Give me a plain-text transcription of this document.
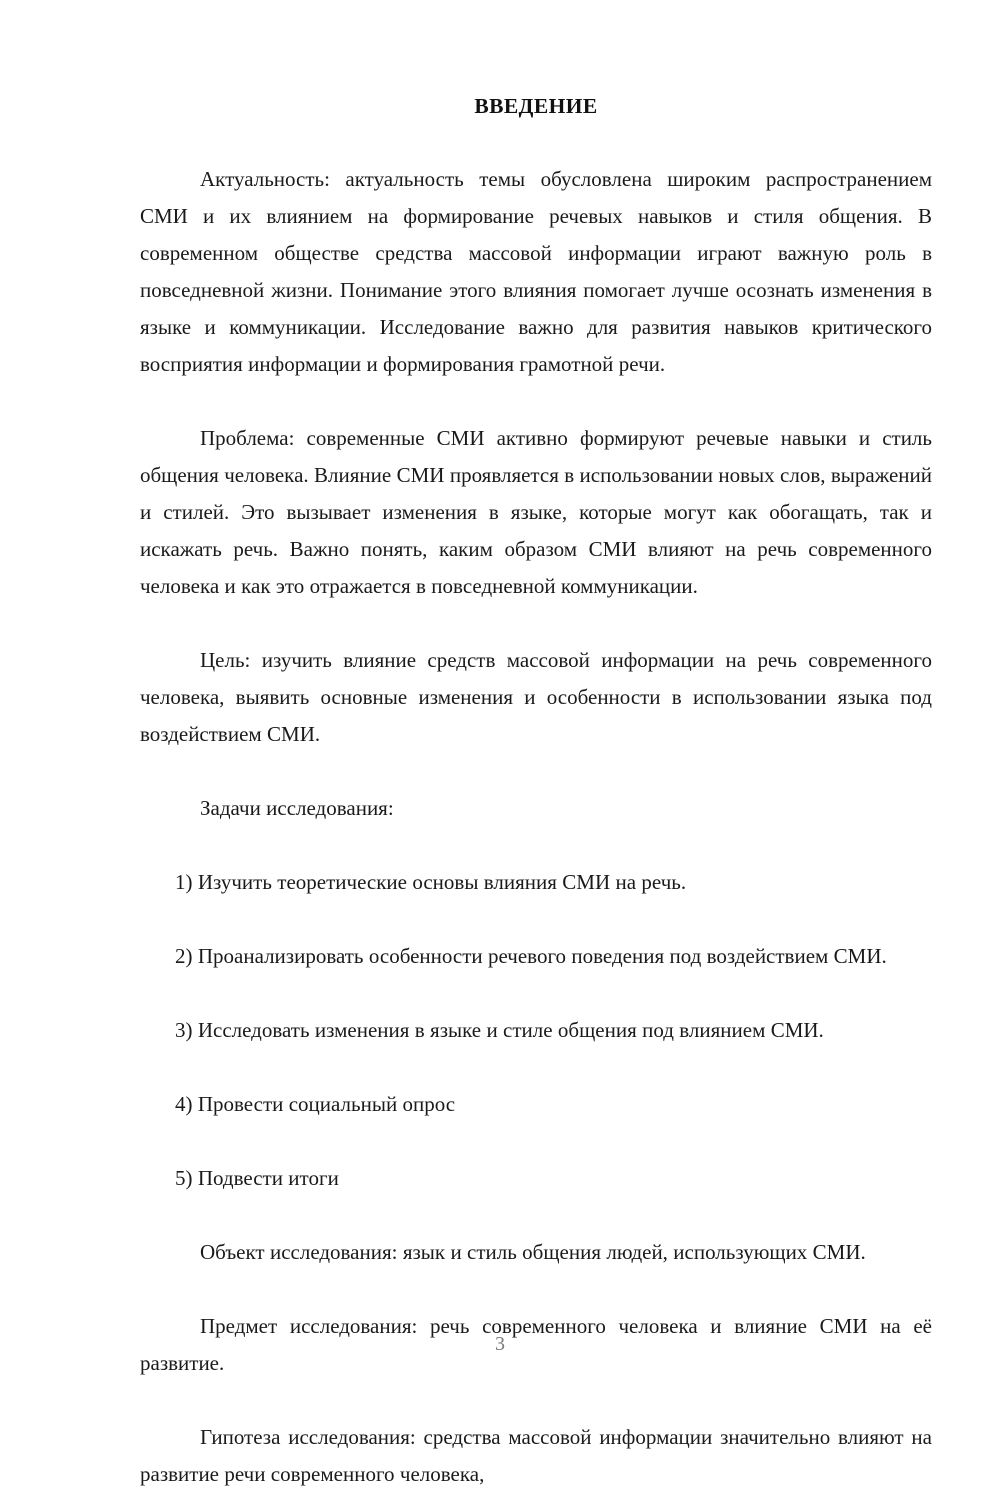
ВВЕДЕНИЕ

Актуальность: актуальность темы обусловлена широким распространением СМИ и их влиянием на формирование речевых навыков и стиля общения. В современном обществе средства массовой информации играют важную роль в повседневной жизни. Понимание этого влияния помогает лучше осознать изменения в языке и коммуникации. Исследование важно для развития навыков критического восприятия информации и формирования грамотной речи.

Проблема: современные СМИ активно формируют речевые навыки и стиль общения человека. Влияние СМИ проявляется в использовании новых слов, выражений и стилей. Это вызывает изменения в языке, которые могут как обогащать, так и искажать речь. Важно понять, каким образом СМИ влияют на речь современного человека и как это отражается в повседневной коммуникации.

Цель: изучить влияние средств массовой информации на речь современного человека, выявить основные изменения и особенности в использовании языка под воздействием СМИ.

Задачи исследования:

1) Изучить теоретические основы влияния СМИ на речь.

2) Проанализировать особенности речевого поведения под воздействием СМИ.

3) Исследовать изменения в языке и стиле общения под влиянием СМИ.

4) Провести социальный опрос

5) Подвести итоги

Объект исследования: язык и стиль общения людей, использующих СМИ.

Предмет исследования: речь современного человека и влияние СМИ на её развитие.

Гипотеза исследования: средства массовой информации значительно влияют на развитие речи современного человека,

3
